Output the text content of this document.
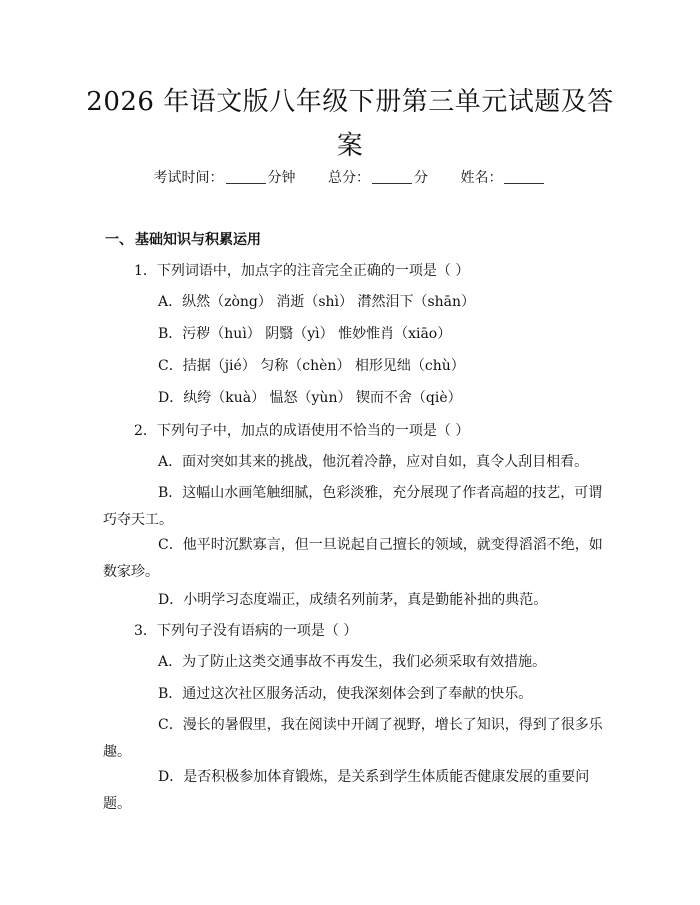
2026 年语文版八年级下册第三单元试题及答
案
考试时间：	分钟 总分：	分 姓名：
一、 基础知识与积累运用
1．下列词语中，加点字的注音完全正确的一项是（ ）
A．纵然（zòng） 消逝（shì） 潸然泪下（shān）
B．污秽（huì） 阴翳（yì） 惟妙惟肖（xiāo）
C．拮据（jié） 匀称（chèn） 相形见绌（chù）
D．纨绔（kuà） 愠怒（yùn） 锲而不舍（qiè）
2．下列句子中，加点的成语使用不恰当的一项是（ ）
A．面对突如其来的挑战，他沉着冷静，应对自如，真令人刮目相看。
B．这幅山水画笔触细腻，色彩淡雅，充分展现了作者高超的技艺，可谓巧夺天工。
C．他平时沉默寡言，但一旦说起自己擅长的领域，就变得滔滔不绝，如数家珍。
D．小明学习态度端正，成绩名列前茅，真是勤能补拙的典范。
3．下列句子没有语病的一项是（ ）
A．为了防止这类交通事故不再发生，我们必须采取有效措施。
B．通过这次社区服务活动，使我深刻体会到了奉献的快乐。
C．漫长的暑假里，我在阅读中开阔了视野，增长了知识，得到了很多乐趣。
D．是否积极参加体育锻炼，是关系到学生体质能否健康发展的重要问题。
